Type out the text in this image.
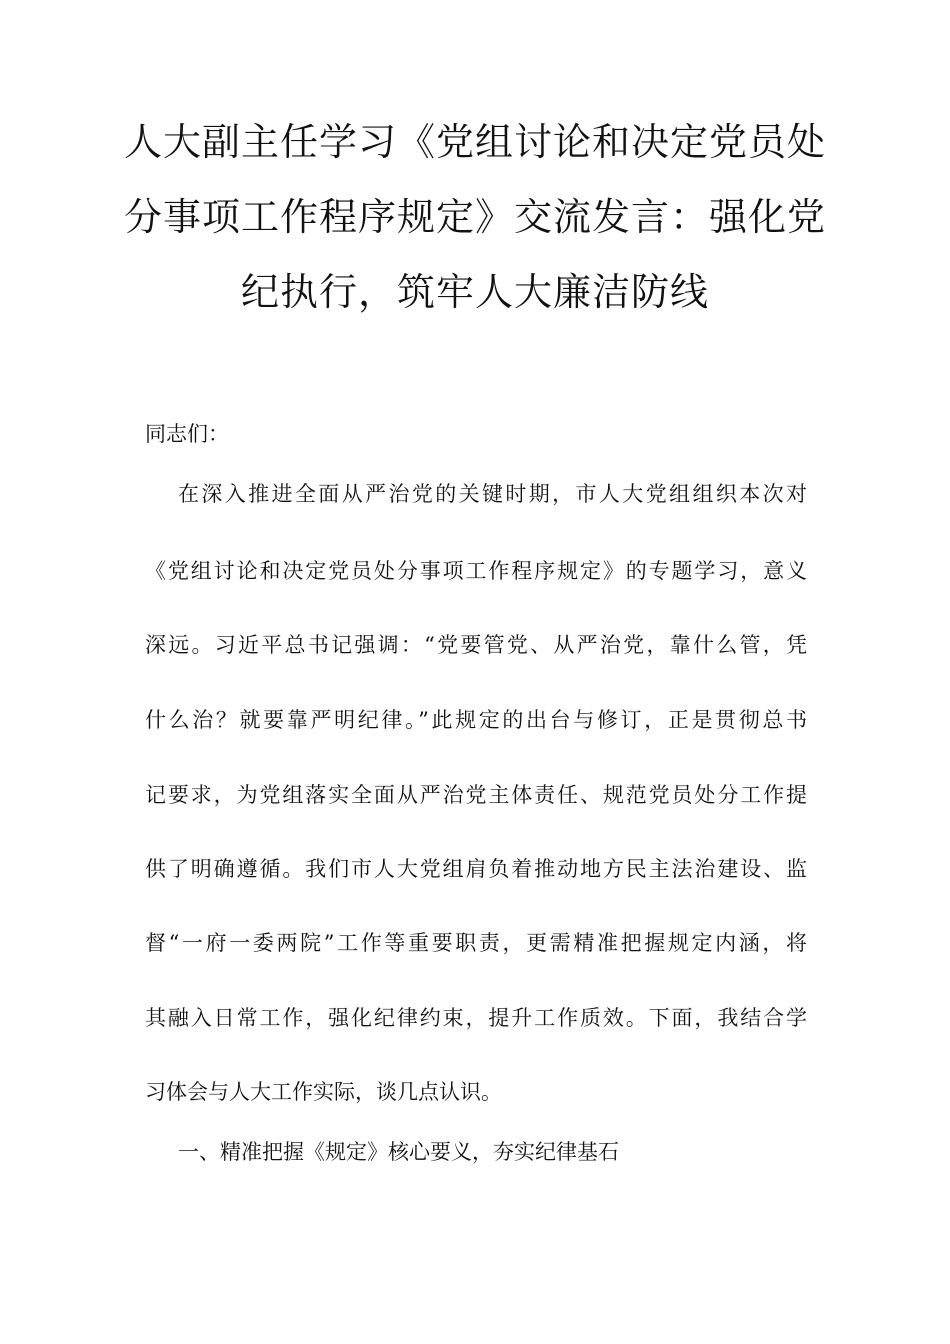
人大副主任学习《党组讨论和决定党员处
分事项工作程序规定》交流发言：强化党
纪执行，筑牢人大廉洁防线
同志们：
在深入推进全面从严治党的关键时期，市人大党组组织本次对
《党组讨论和决定党员处分事项工作程序规定》的专题学习，意义
深远。习近平总书记强调：“党要管党、从严治党，靠什么管，凭
什么治？就要靠严明纪律。”此规定的出台与修订，正是贯彻总书
记要求，为党组落实全面从严治党主体责任、规范党员处分工作提
供了明确遵循。我们市人大党组肩负着推动地方民主法治建设、监
督“一府一委两院”工作等重要职责，更需精准把握规定内涵，将
其融入日常工作，强化纪律约束，提升工作质效。下面，我结合学
习体会与人大工作实际，谈几点认识。
一、精准把握《规定》核心要义，夯实纪律基石
